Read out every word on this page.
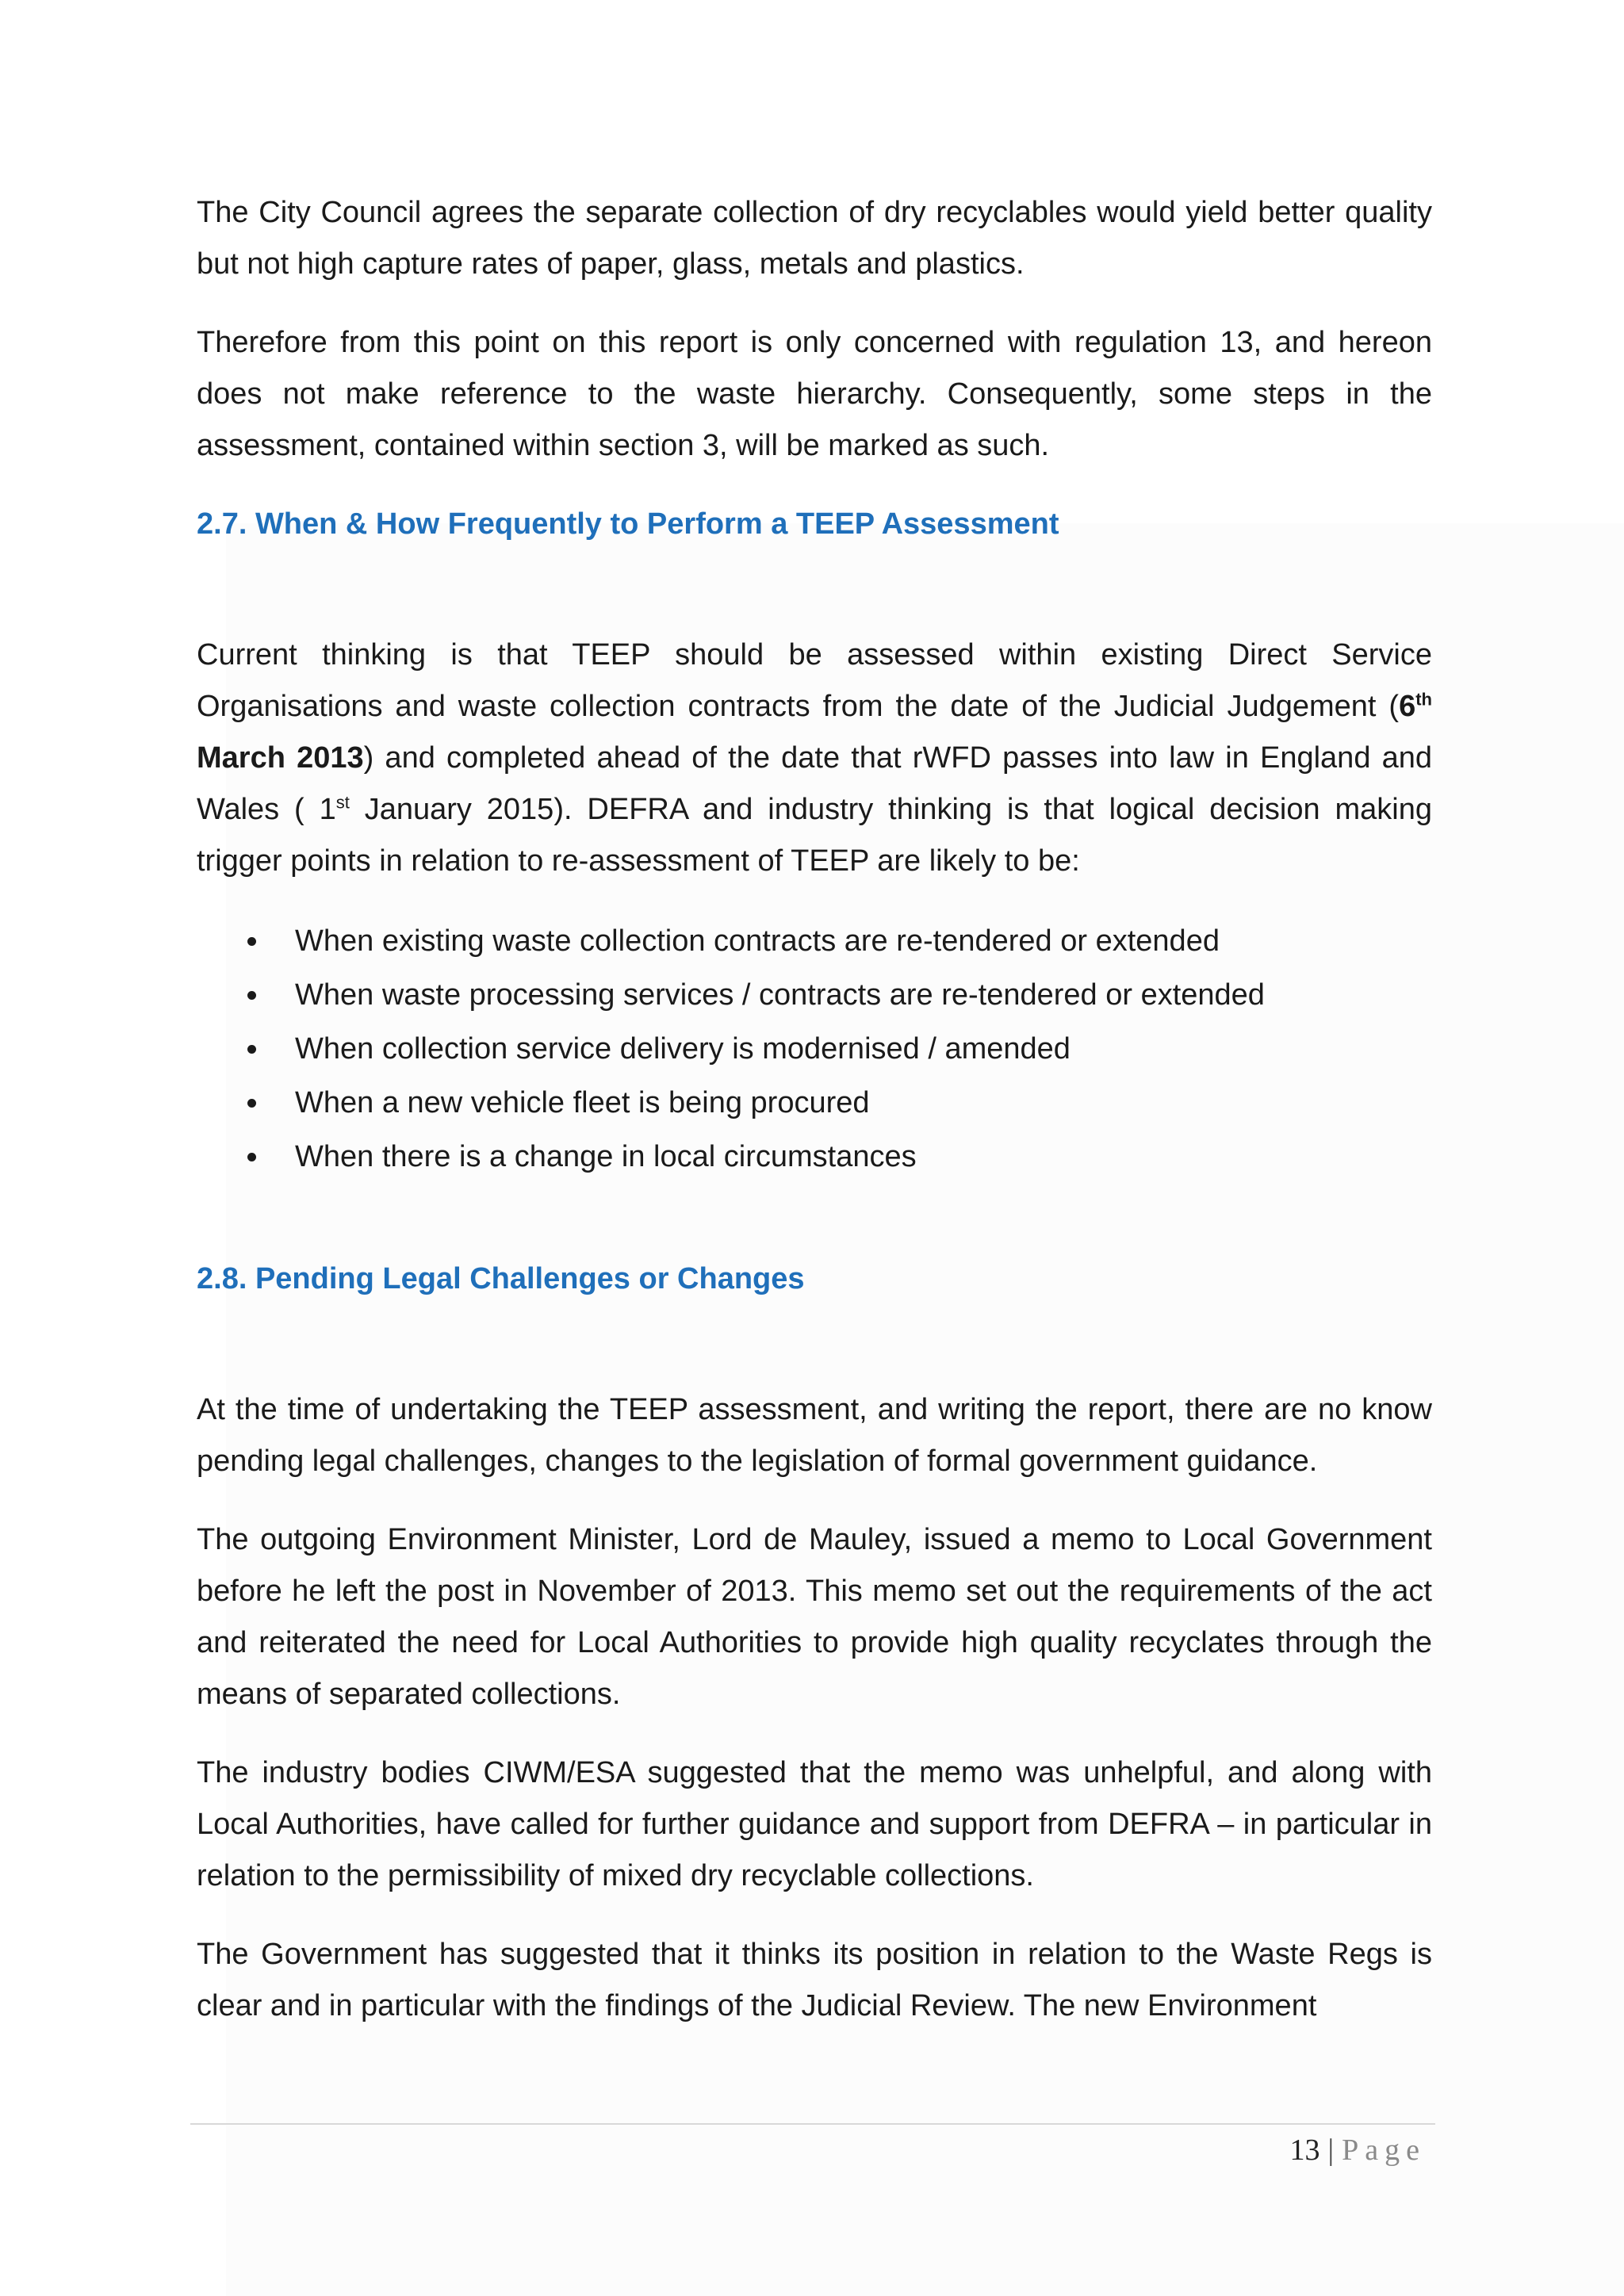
The City Council agrees the separate collection of dry recyclables would yield better quality but not high capture rates of paper, glass, metals and plastics.

Therefore from this point on this report is only concerned with regulation 13, and hereon does not make reference to the waste hierarchy. Consequently, some steps in the assessment, contained within section 3, will be marked as such.

2.7. When & How Frequently to Perform a TEEP Assessment

Current thinking is that TEEP should be assessed within existing Direct Service Organisations and waste collection contracts from the date of the Judicial Judgement (6th March 2013) and completed ahead of the date that rWFD passes into law in England and Wales ( 1st January 2015). DEFRA and industry thinking is that logical decision making trigger points in relation to re-assessment of TEEP are likely to be:

When existing waste collection contracts are re-tendered or extended
When waste processing services / contracts are re-tendered or extended
When collection service delivery is modernised / amended
When a new vehicle fleet is being procured
When there is a change in local circumstances
2.8. Pending Legal Challenges or Changes

At the time of undertaking the TEEP assessment, and writing the report, there are no know pending legal challenges, changes to the legislation of formal government guidance.

The outgoing Environment Minister, Lord de Mauley, issued a memo to Local Government before he left the post in November of 2013. This memo set out the requirements of the act and reiterated the need for Local Authorities to provide high quality recyclates through the means of separated collections.

The industry bodies CIWM/ESA suggested that the memo was unhelpful, and along with Local Authorities, have called for further guidance and support from DEFRA – in particular in relation to the permissibility of mixed dry recyclable collections.

The Government has suggested that it thinks its position in relation to the Waste Regs is clear and in particular with the findings of the Judicial Review. The new Environment

13 | Page
